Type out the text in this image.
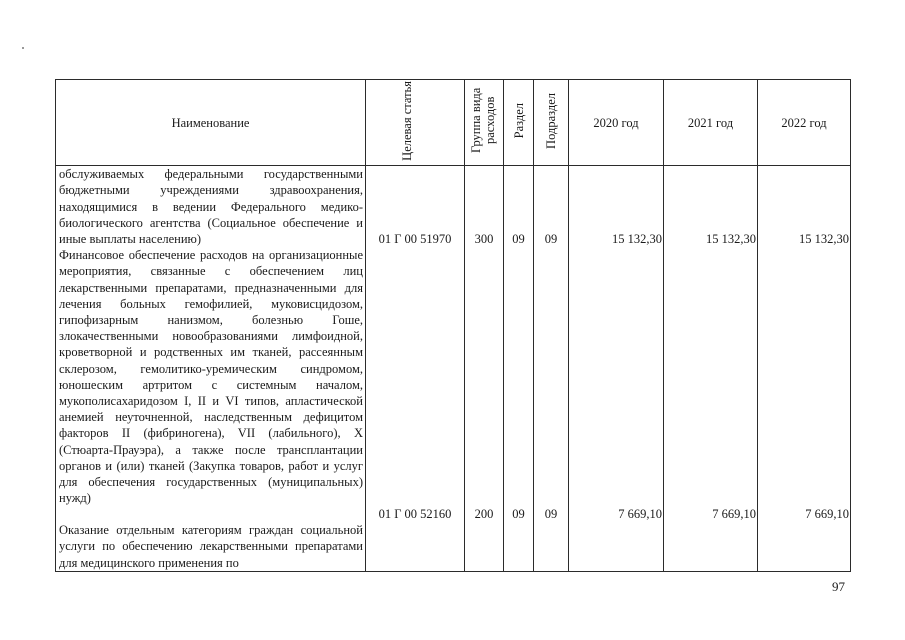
Наименование	Целевая статья	Группа вида расходов	Раздел	Подраздел	2020 год	2021 год	2022 год

обслуживаемых федеральными государственными бюджетными учреждениями здравоохранения, находящимися в ведении Федерального медико-биологического агентства (Социальное обеспечение и иные выплаты населению)	01 Г 00 51970	300	09	09	15 132,30	15 132,30	15 132,30

Финансовое обеспечение расходов на организационные мероприятия, связанные с обеспечением лиц лекарственными препаратами, предназначенными для лечения больных гемофилией, муковисцидозом, гипофизарным нанизмом, болезнью Гоше, злокачественными новообразованиями лимфоидной, кроветворной и родственных им тканей, рассеянным склерозом, гемолитико-уремическим синдромом, юношеским артритом с системным началом, мукополисахаридозом I, II и VI типов, апластической анемией неуточненной, наследственным дефицитом факторов II (фибриногена), VII (лабильного), X (Стюарта-Прауэра), а также после трансплантации органов и (или) тканей (Закупка товаров, работ и услуг для обеспечения государственных (муниципальных) нужд)	01 Г 00 52160	200	09	09	7 669,10	7 669,10	7 669,10

Оказание отдельным категориям граждан социальной услуги по обеспечению лекарственными препаратами для медицинского применения по							

97
